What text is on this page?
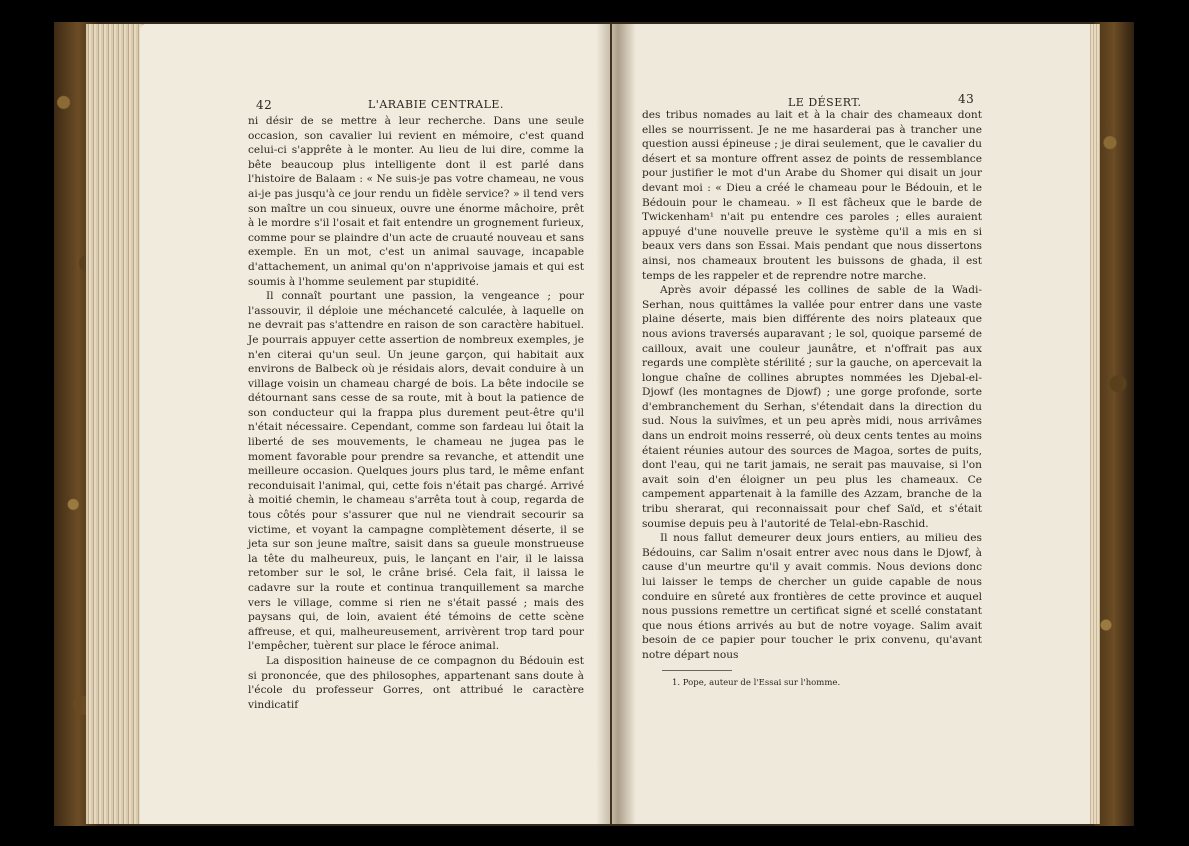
42	L'ARABIE CENTRALE.

ni désir de se mettre à leur recherche. Dans une seule occasion, son cavalier lui revient en mémoire, c'est quand celui-ci s'apprête à le monter. Au lieu de lui dire, comme la bête beaucoup plus intelligente dont il est parlé dans l'histoire de Balaam : « Ne suis-je pas votre chameau, ne vous ai-je pas jusqu'à ce jour rendu un fidèle service? » il tend vers son maître un cou sinueux, ouvre une énorme mâchoire, prêt à le mordre s'il l'osait et fait entendre un grognement furieux, comme pour se plaindre d'un acte de cruauté nouveau et sans exemple. En un mot, c'est un animal sauvage, incapable d'attachement, un animal qu'on n'apprivoise jamais et qui est soumis à l'homme seulement par stupidité.

Il connaît pourtant une passion, la vengeance ; pour l'assouvir, il déploie une méchanceté calculée, à laquelle on ne devrait pas s'attendre en raison de son caractère habituel. Je pourrais appuyer cette assertion de nombreux exemples, je n'en citerai qu'un seul. Un jeune garçon, qui habitait aux environs de Balbeck où je résidais alors, devait conduire à un village voisin un chameau chargé de bois. La bête indocile se détournant sans cesse de sa route, mit à bout la patience de son conducteur qui la frappa plus durement peut-être qu'il n'était nécessaire. Cependant, comme son fardeau lui ôtait la liberté de ses mouvements, le chameau ne jugea pas le moment favorable pour prendre sa revanche, et attendit une meilleure occasion. Quelques jours plus tard, le même enfant reconduisait l'animal, qui, cette fois n'était pas chargé. Arrivé à moitié chemin, le chameau s'arrêta tout à coup, regarda de tous côtés pour s'assurer que nul ne viendrait secourir sa victime, et voyant la campagne complètement déserte, il se jeta sur son jeune maître, saisit dans sa gueule monstrueuse la tête du malheureux, puis, le lançant en l'air, il le laissa retomber sur le sol, le crâne brisé. Cela fait, il laissa le cadavre sur la route et continua tranquillement sa marche vers le village, comme si rien ne s'était passé ; mais des paysans qui, de loin, avaient été témoins de cette scène affreuse, et qui, malheureusement, arrivèrent trop tard pour l'empêcher, tuèrent sur place le féroce animal.

La disposition haineuse de ce compagnon du Bédouin est si prononcée, que des philosophes, appartenant sans doute à l'école du professeur Gorres, ont attribué le caractère vindicatif

LE DÉSERT.	43

des tribus nomades au lait et à la chair des chameaux dont elles se nourrissent. Je ne me hasarderai pas à trancher une question aussi épineuse ; je dirai seulement, que le cavalier du désert et sa monture offrent assez de points de ressemblance pour justifier le mot d'un Arabe du Shomer qui disait un jour devant moi : « Dieu a créé le chameau pour le Bédouin, et le Bédouin pour le chameau. » Il est fâcheux que le barde de Twickenham¹ n'ait pu entendre ces paroles ; elles auraient appuyé d'une nouvelle preuve le système qu'il a mis en si beaux vers dans son Essai. Mais pendant que nous dissertons ainsi, nos chameaux broutent les buissons de ghada, il est temps de les rappeler et de reprendre notre marche.

Après avoir dépassé les collines de sable de la Wadi-Serhan, nous quittâmes la vallée pour entrer dans une vaste plaine déserte, mais bien différente des noirs plateaux que nous avions traversés auparavant ; le sol, quoique parsemé de cailloux, avait une couleur jaunâtre, et n'offrait pas aux regards une complète stérilité ; sur la gauche, on apercevait la longue chaîne de collines abruptes nommées les Djebal-el-Djowf (les montagnes de Djowf) ; une gorge profonde, sorte d'embranchement du Serhan, s'étendait dans la direction du sud. Nous la suivîmes, et un peu après midi, nous arrivâmes dans un endroit moins resserré, où deux cents tentes au moins étaient réunies autour des sources de Magoa, sortes de puits, dont l'eau, qui ne tarit jamais, ne serait pas mauvaise, si l'on avait soin d'en éloigner un peu plus les chameaux. Ce campement appartenait à la famille des Azzam, branche de la tribu sherarat, qui reconnaissait pour chef Saïd, et s'était soumise depuis peu à l'autorité de Telal-ebn-Raschid.

Il nous fallut demeurer deux jours entiers, au milieu des Bédouins, car Salim n'osait entrer avec nous dans le Djowf, à cause d'un meurtre qu'il y avait commis. Nous devions donc lui laisser le temps de chercher un guide capable de nous conduire en sûreté aux frontières de cette province et auquel nous pussions remettre un certificat signé et scellé constatant que nous étions arrivés au but de notre voyage. Salim avait besoin de ce papier pour toucher le prix convenu, qu'avant notre départ nous

1. Pope, auteur de l'Essai sur l'homme.
